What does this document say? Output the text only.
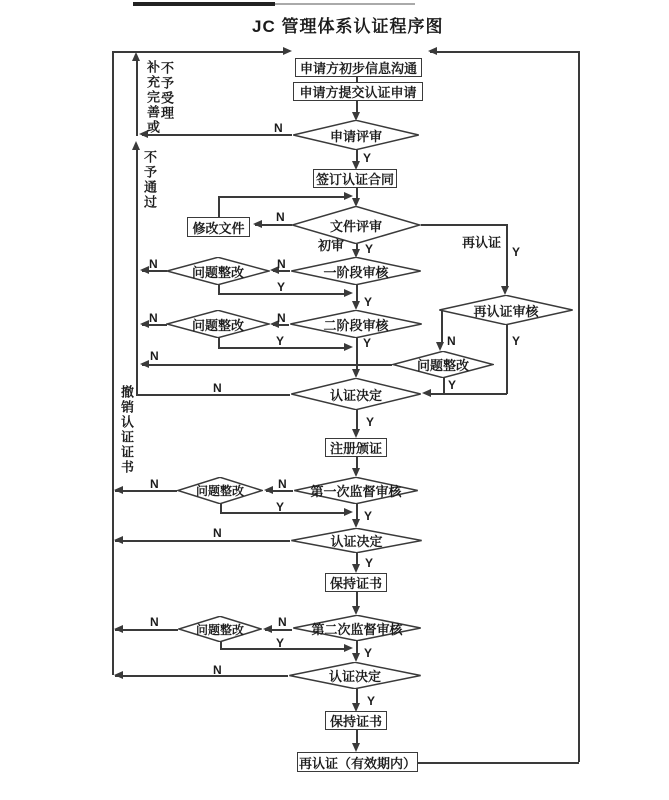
JC 管理体系认证程序图
申请方初步信息沟通
申请方提交认证申请
签订认证合同
修改文件
注册颁证
保持证书
保持证书
再认证（有效期内）
申请评审
文件评审
一阶段审核
问题整改
二阶段审核
问题整改
再认证审核
问题整改
认证决定
第一次监督审核
问题整改
认证决定
第二次监督审核
问题整改
认证决定
N
Y
N
初审 Y	再认证
Y
N
N
Y
Y
N
N
Y	Y	N	Y
N
Y
N
Y
N
N
Y
Y
N
Y
N
N
Y
Y
N
Y
补充完善或 不予受理
不予通过
撤销认证证书
